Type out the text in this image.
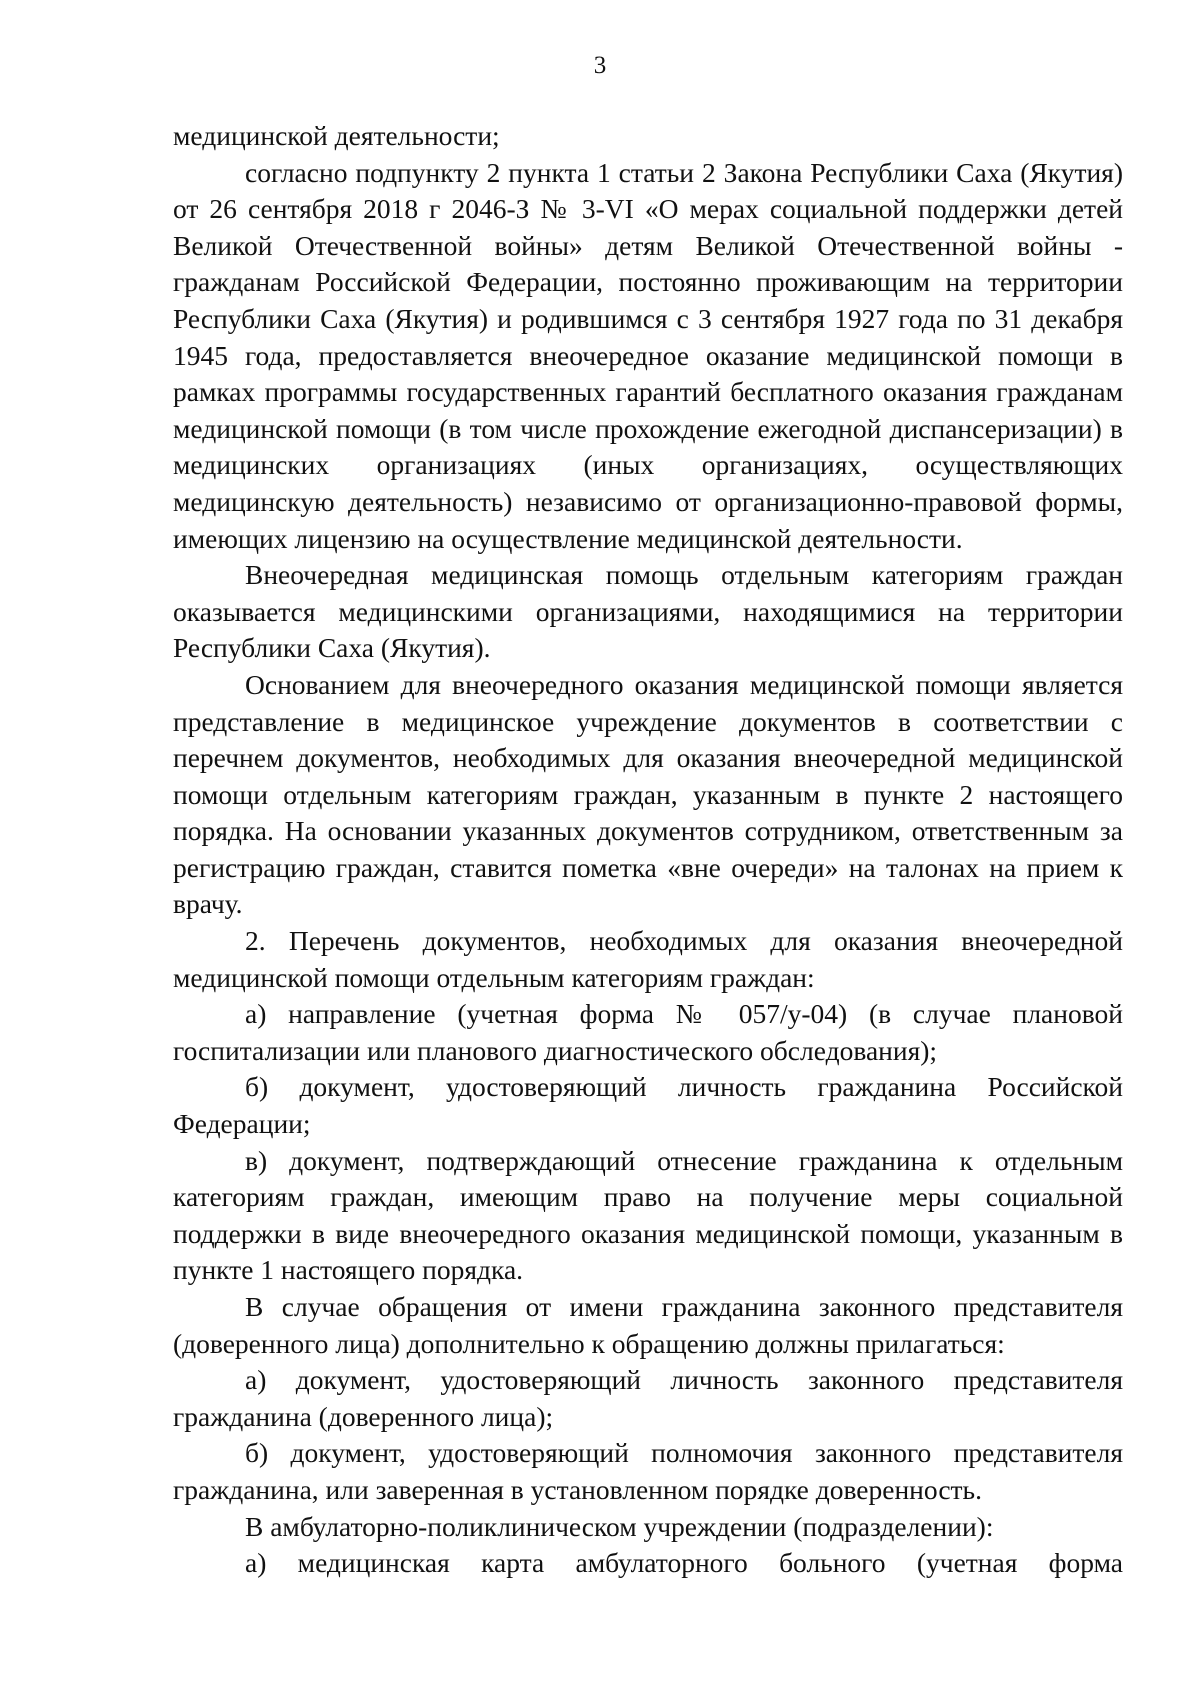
3

медицинской деятельности;

согласно подпункту 2 пункта 1 статьи 2 Закона Республики Саха (Якутия) от 26 сентября 2018 г 2046-З № 3-VI «О мерах социальной поддержки детей Великой Отечественной войны» детям Великой Отечественной войны - гражданам Российской Федерации, постоянно проживающим на территории Республики Саха (Якутия) и родившимся с 3 сентября 1927 года по 31 декабря 1945 года, предоставляется внеочередное оказание медицинской помощи в рамках программы государственных гарантий бесплатного оказания гражданам медицинской помощи (в том числе прохождение ежегодной диспансеризации) в медицинских организациях (иных организациях, осуществляющих медицинскую деятельность) независимо от организационно-правовой формы, имеющих лицензию на осуществление медицинской деятельности.

Внеочередная медицинская помощь отдельным категориям граждан оказывается медицинскими организациями, находящимися на территории Республики Саха (Якутия).

Основанием для внеочередного оказания медицинской помощи является представление в медицинское учреждение документов в соответствии с перечнем документов, необходимых для оказания внеочередной медицинской помощи отдельным категориям граждан, указанным в пункте 2 настоящего порядка. На основании указанных документов сотрудником, ответственным за регистрацию граждан, ставится пометка «вне очереди» на талонах на прием к врачу.

2. Перечень документов, необходимых для оказания внеочередной медицинской помощи отдельным категориям граждан:

а) направление (учетная форма № 057/у-04) (в случае плановой госпитализации или планового диагностического обследования);

б) документ, удостоверяющий личность гражданина Российской Федерации;

в) документ, подтверждающий отнесение гражданина к отдельным категориям граждан, имеющим право на получение меры социальной поддержки в виде внеочередного оказания медицинской помощи, указанным в пункте 1 настоящего порядка.

В случае обращения от имени гражданина законного представителя (доверенного лица) дополнительно к обращению должны прилагаться:

а) документ, удостоверяющий личность законного представителя гражданина (доверенного лица);

б) документ, удостоверяющий полномочия законного представителя гражданина, или заверенная в установленном порядке доверенность.

В амбулаторно-поликлиническом учреждении (подразделении):

а) медицинская карта амбулаторного больного (учетная форма
